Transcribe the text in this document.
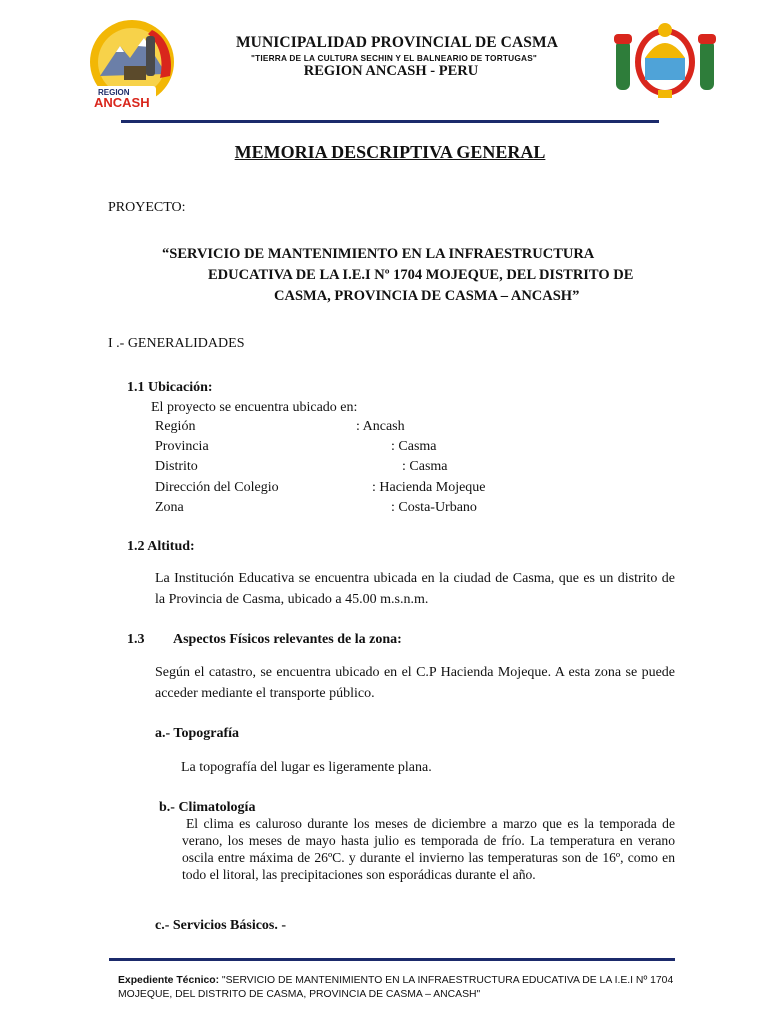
REGION
ANCASH
MUNICIPALIDAD PROVINCIAL DE CASMA
"TIERRA DE LA CULTURA SECHIN Y EL BALNEARIO DE TORTUGAS"
REGION ANCASH - PERU
MEMORIA DESCRIPTIVA GENERAL
PROYECTO:
“SERVICIO DE MANTENIMIENTO EN LA INFRAESTRUCTURA
EDUCATIVA DE LA I.E.I Nº 1704 MOJEQUE, DEL DISTRITO DE
CASMA, PROVINCIA DE CASMA – ANCASH”
I .- GENERALIDADES
1.1 Ubicación:
El proyecto se encuentra ubicado en:
Región	: Ancash
Provincia	: Casma
Distrito	: Casma
Dirección del Colegio	: Hacienda Mojeque
Zona	: Costa-Urbano
1.2 Altitud:
La Institución Educativa se encuentra ubicada en la ciudad de Casma, que es un distrito de la Provincia de Casma, ubicado a 45.00 m.s.n.m.
1.3 Aspectos Físicos relevantes de la zona:
Según el catastro, se encuentra ubicado en el C.P Hacienda Mojeque. A esta zona se puede acceder mediante el transporte público.
a.- Topografía
La topografía del lugar es ligeramente plana.
b.- Climatología
El clima es caluroso durante los meses de diciembre a marzo que es la temporada de verano, los meses de mayo hasta julio es temporada de frío. La temperatura en verano oscila entre máxima de 26ºC. y durante el invierno las temperaturas son de 16º, como en todo el litoral, las precipitaciones son esporádicas durante el año.
c.- Servicios Básicos. -
Expediente Técnico: "SERVICIO DE MANTENIMIENTO EN LA INFRAESTRUCTURA EDUCATIVA DE LA I.E.I Nº 1704 MOJEQUE, DEL DISTRITO DE CASMA, PROVINCIA DE CASMA – ANCASH"
